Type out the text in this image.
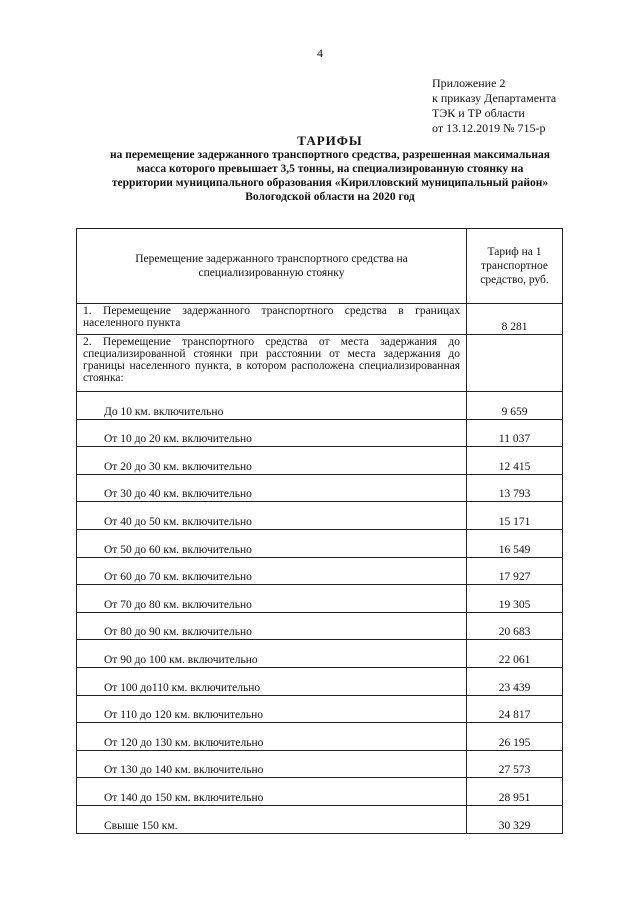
4
Приложение 2
к приказу Департамента
ТЭК и ТР области
от 13.12.2019 № 715-р
ТАРИФЫ
на перемещение задержанного транспортного средства, разрешенная максимальная
масса которого превышает 3,5 тонны, на специализированную стоянку на
территории муниципального образования «Кирилловский муниципальный район»
Вологодской области на 2020 год
Перемещение задержанного транспортного средства на специализированную стоянку	Тариф на 1 транспортное средство, руб.
1. Перемещение задержанного транспортного средства в границах населенного пункта	8 281
2. Перемещение транспортного средства от места задержания до специализированной стоянки при расстоянии от места задержания до границы населенного пункта, в котором расположена специализированная стоянка:	
До 10 км. включительно	9 659
От 10 до 20 км. включительно	11 037
От 20 до 30 км. включительно	12 415
От 30 до 40 км. включительно	13 793
От 40 до 50 км. включительно	15 171
От 50 до 60 км. включительно	16 549
От 60 до 70 км. включительно	17 927
От 70 до 80 км. включительно	19 305
От 80 до 90 км. включительно	20 683
От 90 до 100 км. включительно	22 061
От 100 до110 км. включительно	23 439
От 110 до 120 км. включительно	24 817
От 120 до 130 км. включительно	26 195
От 130 до 140 км. включительно	27 573
От 140 до 150 км. включительно	28 951
Свыше 150 км.	30 329
